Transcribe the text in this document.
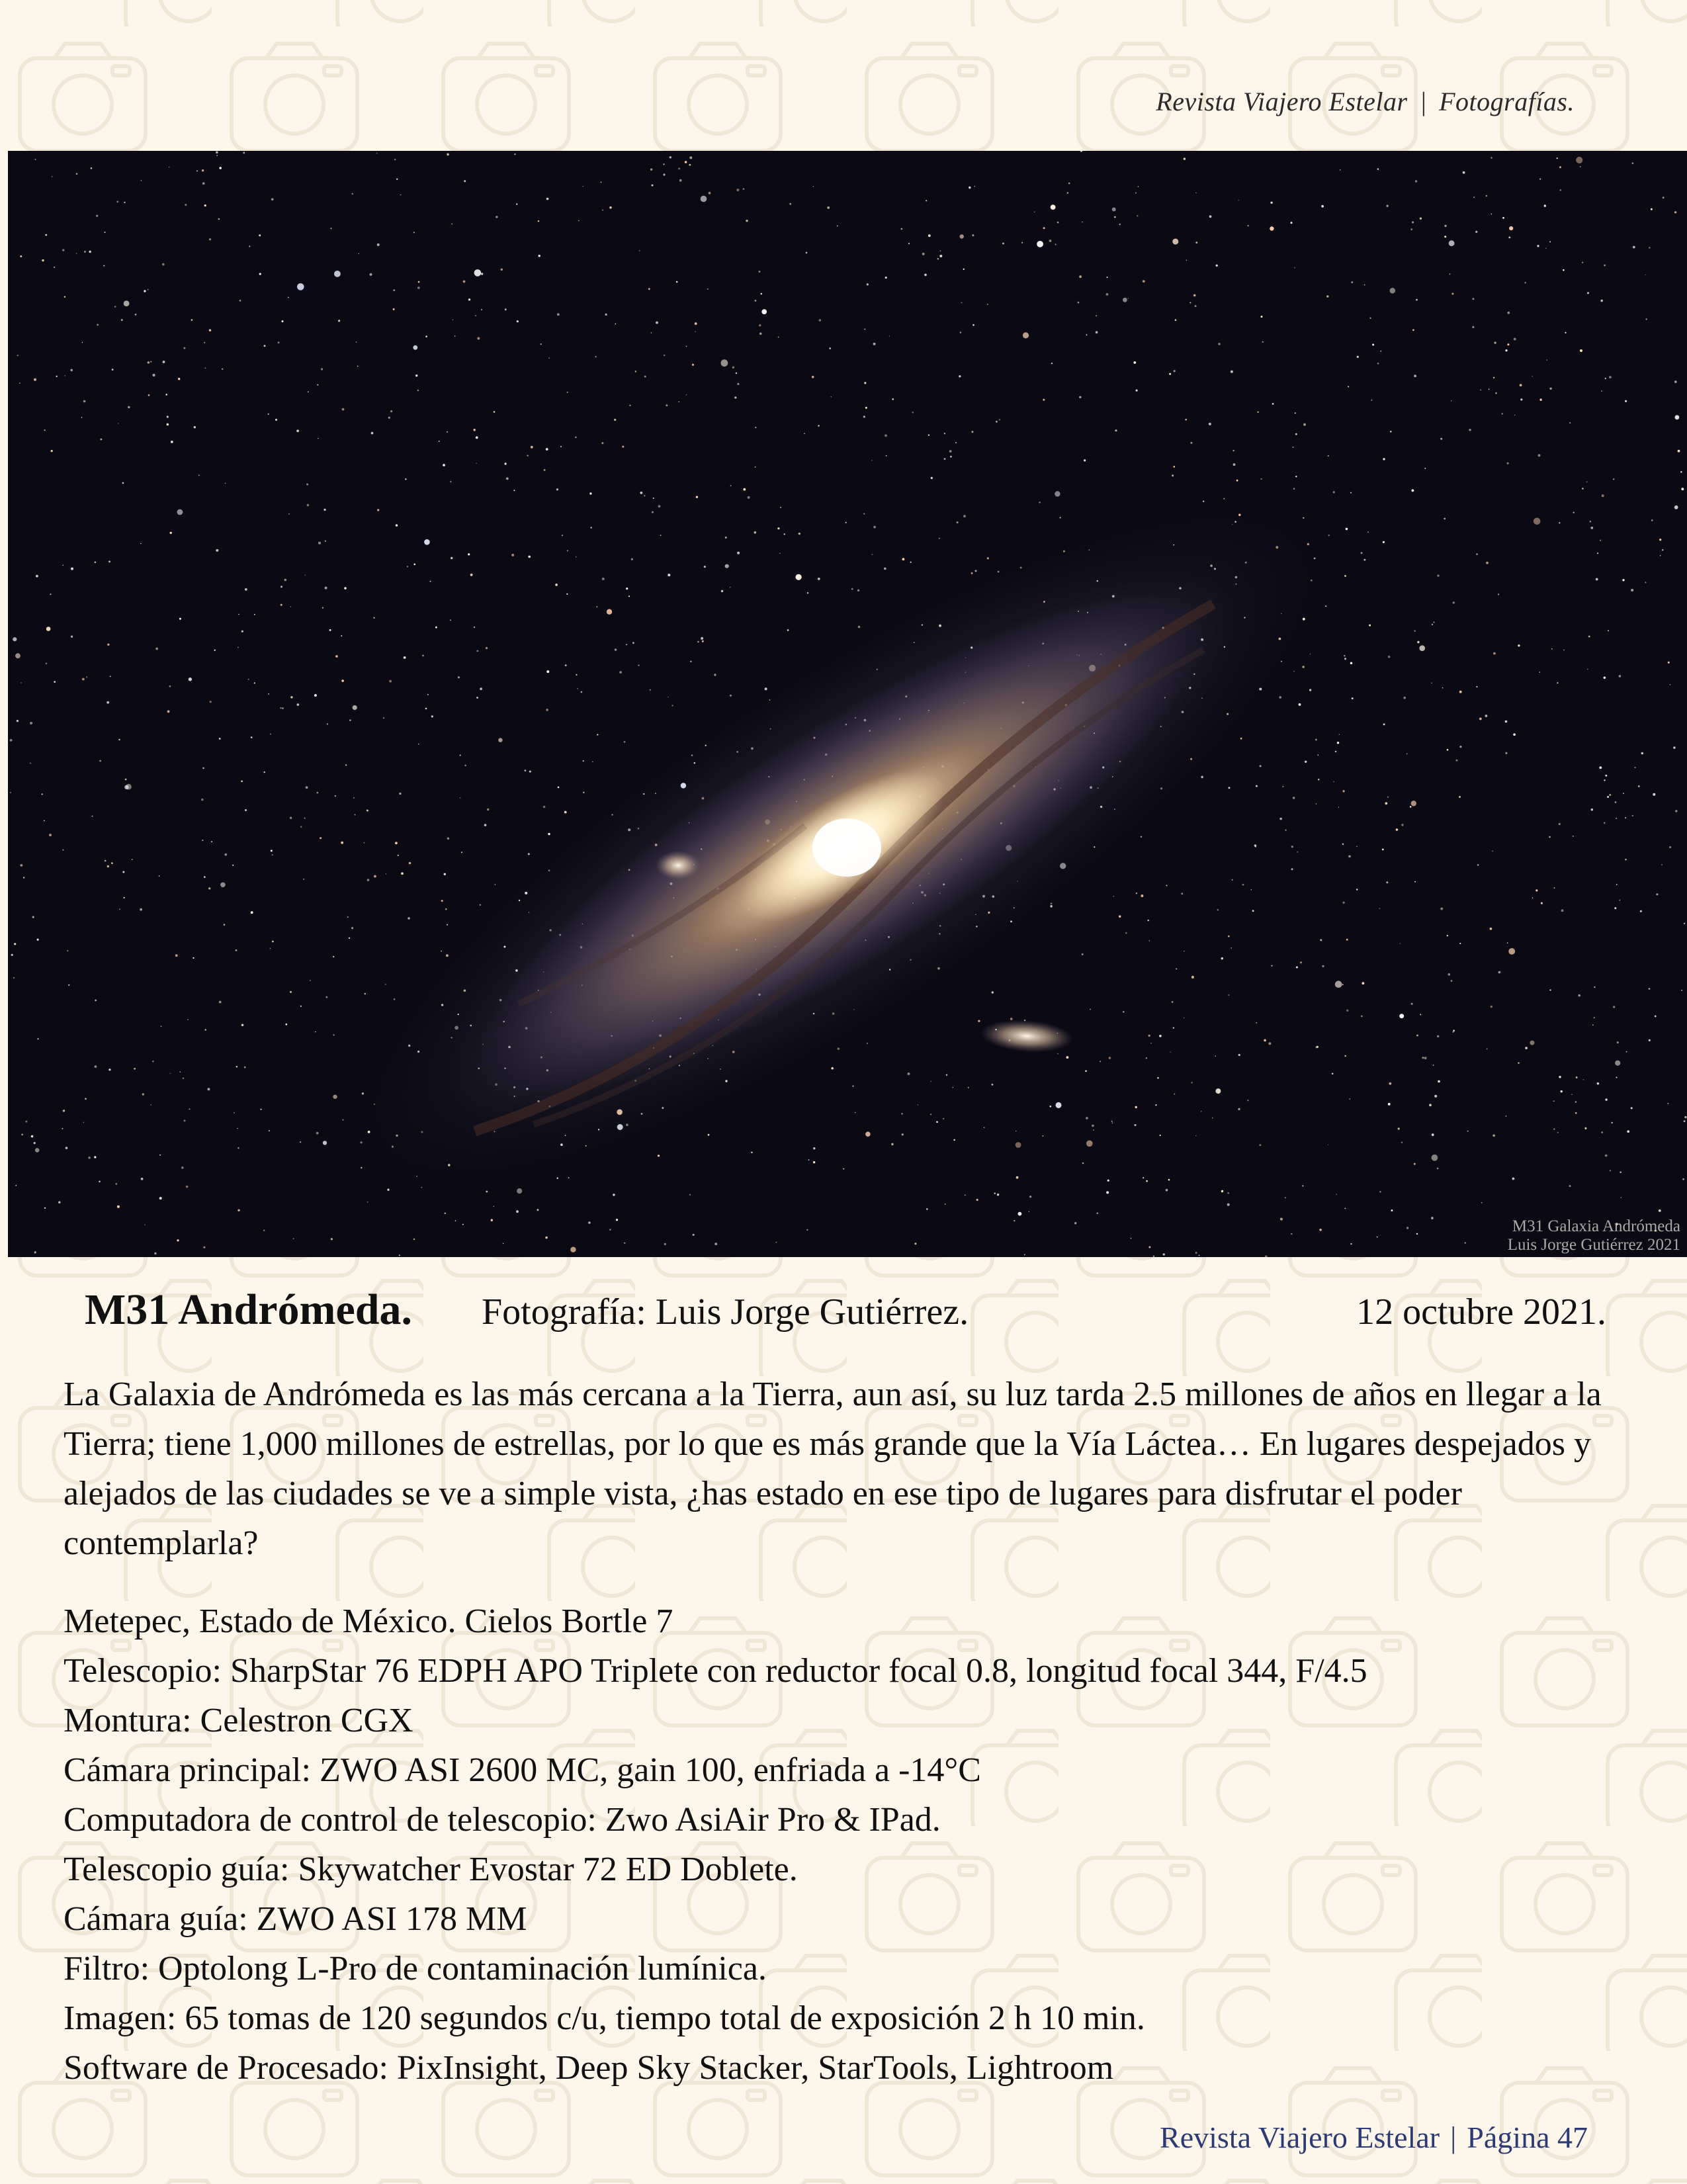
Revista Viajero Estelar | Fotografías.
M31 Galaxia Andrómeda
Luis Jorge Gutiérrez 2021
M31 Andrómeda. Fotografía: Luis Jorge Gutiérrez.	12 octubre 2021.
La Galaxia de Andrómeda es las más cercana a la Tierra, aun así, su luz tarda 2.5 millones de años en llegar a la Tierra; tiene 1,000 millones de estrellas, por lo que es más grande que la Vía Láctea… En lugares despejados y alejados de las ciudades se ve a simple vista, ¿has estado en ese tipo de lugares para disfrutar el poder contemplarla?
Metepec, Estado de México. Cielos Bortle 7
Telescopio: SharpStar 76 EDPH APO Triplete con reductor focal 0.8, longitud focal 344, F/4.5
Montura: Celestron CGX
Cámara principal: ZWO ASI 2600 MC, gain 100, enfriada a -14°C
Computadora de control de telescopio: Zwo AsiAir Pro & IPad.
Telescopio guía: Skywatcher Evostar 72 ED Doblete.
Cámara guía: ZWO ASI 178 MM
Filtro: Optolong L-Pro de contaminación lumínica.
Imagen: 65 tomas de 120 segundos c/u, tiempo total de exposición 2 h 10 min.
Software de Procesado: PixInsight, Deep Sky Stacker, StarTools, Lightroom
Revista Viajero Estelar | Página 47
